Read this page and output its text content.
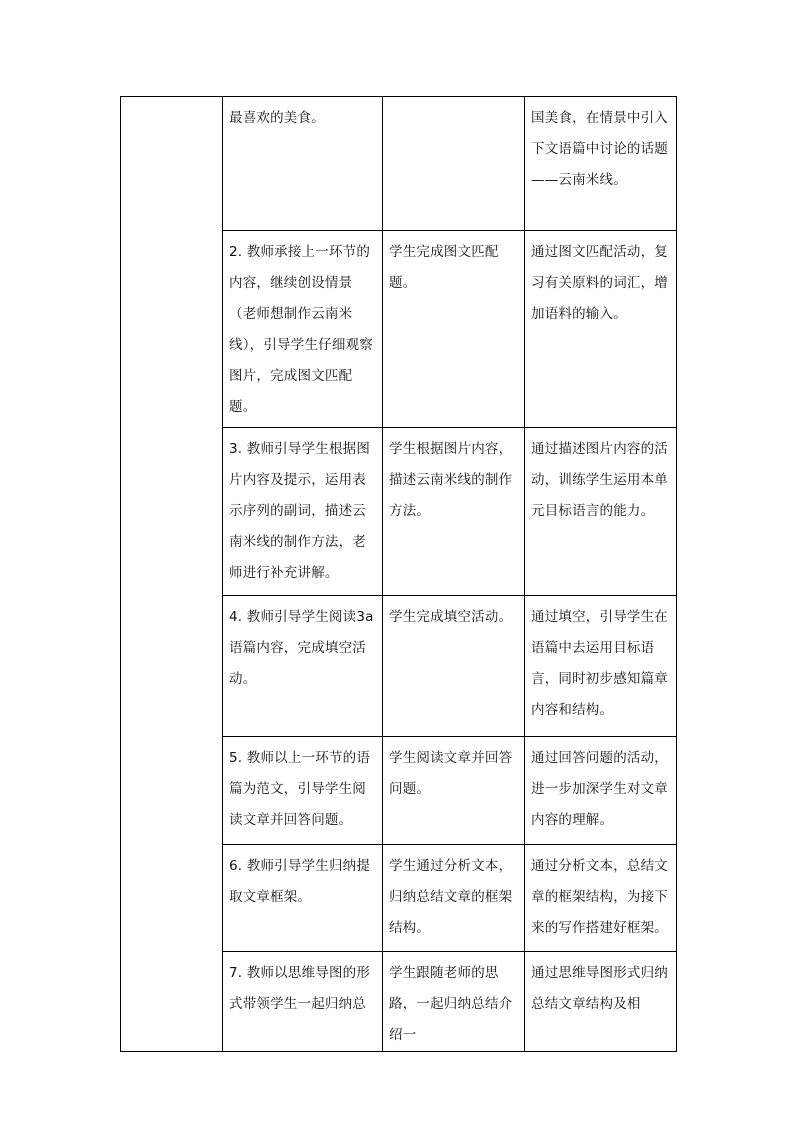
	最喜欢的美食。		国美食，在情景中引入下文语篇中讨论的话题——云南米线。

	2. 教师承接上一环节的内容，继续创设情景（老师想制作云南米线），引导学生仔细观察图片，完成图文匹配题。	学生完成图文匹配题。	通过图文匹配活动，复习有关原料的词汇，增加语料的输入。

	3. 教师引导学生根据图片内容及提示，运用表示序列的副词，描述云南米线的制作方法，老师进行补充讲解。	学生根据图片内容，描述云南米线的制作方法。	通过描述图片内容的活动，训练学生运用本单元目标语言的能力。

	4. 教师引导学生阅读3a 语篇内容，完成填空活动。	学生完成填空活动。	通过填空，引导学生在语篇中去运用目标语言，同时初步感知篇章内容和结构。

	5. 教师以上一环节的语篇为范文，引导学生阅读文章并回答问题。	学生阅读文章并回答问题。	通过回答问题的活动，进一步加深学生对文章内容的理解。

	6. 教师引导学生归纳提取文章框架。	学生通过分析文本，归纳总结文章的框架结构。	通过分析文本，总结文章的框架结构，为接下来的写作搭建好框架。

	7. 教师以思维导图的形式带领学生一起归纳总	学生跟随老师的思路，一起归纳总结介绍一	通过思维导图形式归纳总结文章结构及相
